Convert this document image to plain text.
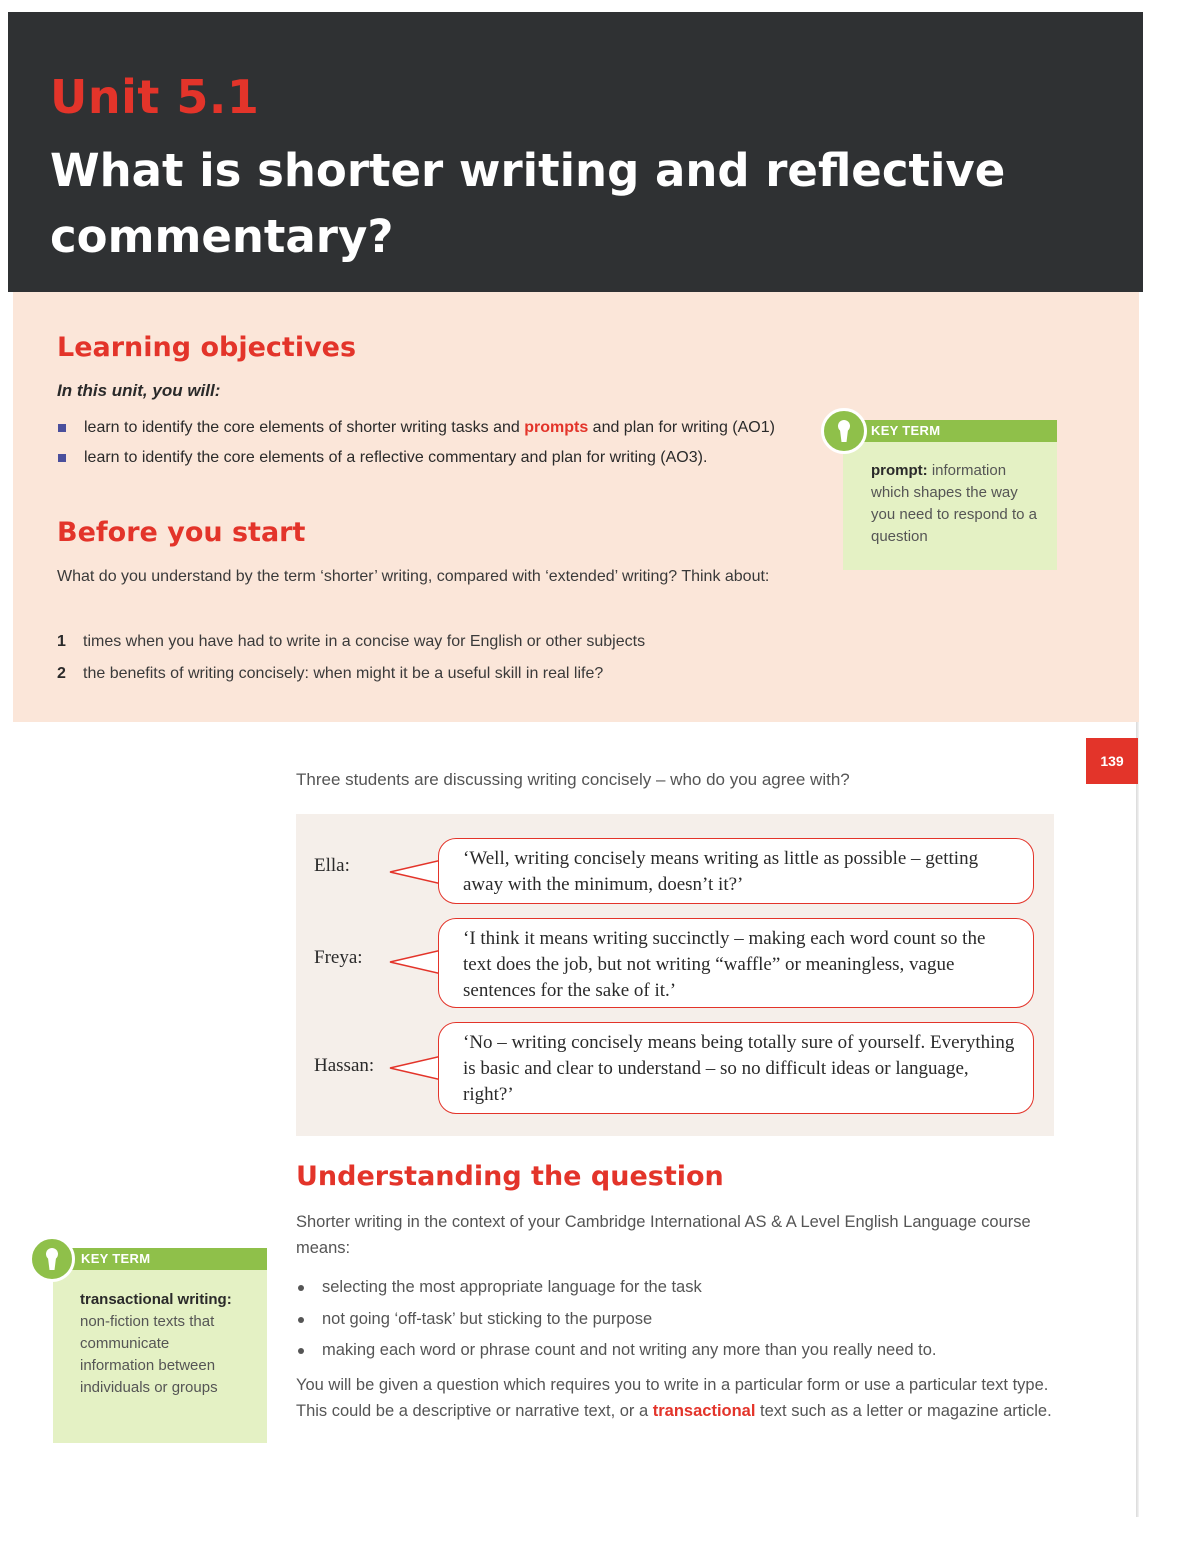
Unit 5.1
What is shorter writing and reflective commentary?
Learning objectives
In this unit, you will:
learn to identify the core elements of shorter writing tasks and prompts and plan for writing (AO1)
learn to identify the core elements of a reflective commentary and plan for writing (AO3).
Before you start

What do you understand by the term ‘shorter’ writing, compared with ‘extended’ writing? Think about:

1 times when you have had to write in a concise way for English or other subjects
2 the benefits of writing concisely: when might it be a useful skill in real life?
KEY TERM
prompt: information which shapes the way you need to respond to a question
139

Three students are discussing writing concisely – who do you agree with?

Ella:	‘Well, writing concisely means writing as little as possible – getting away with the minimum, doesn’t it?’
Freya:
‘I think it means writing succinctly – making each word count so the text does the job, but not writing “waffle” or meaningless, vague sentences for the sake of it.’
Hassan:
‘No – writing concisely means being totally sure of yourself. Everything is basic and clear to understand – so no difficult ideas or language, right?’
Understanding the question

Shorter writing in the context of your Cambridge International AS & A Level English Language course means:

selecting the most appropriate language for the task
not going ‘off-task’ but sticking to the purpose
making each word or phrase count and not writing any more than you really need to.

You will be given a question which requires you to write in a particular form or use a particular text type. This could be a descriptive or narrative text, or a transactional text such as a letter or magazine article.

KEY TERM
transactional writing: non-fiction texts that communicate information between individuals or groups
